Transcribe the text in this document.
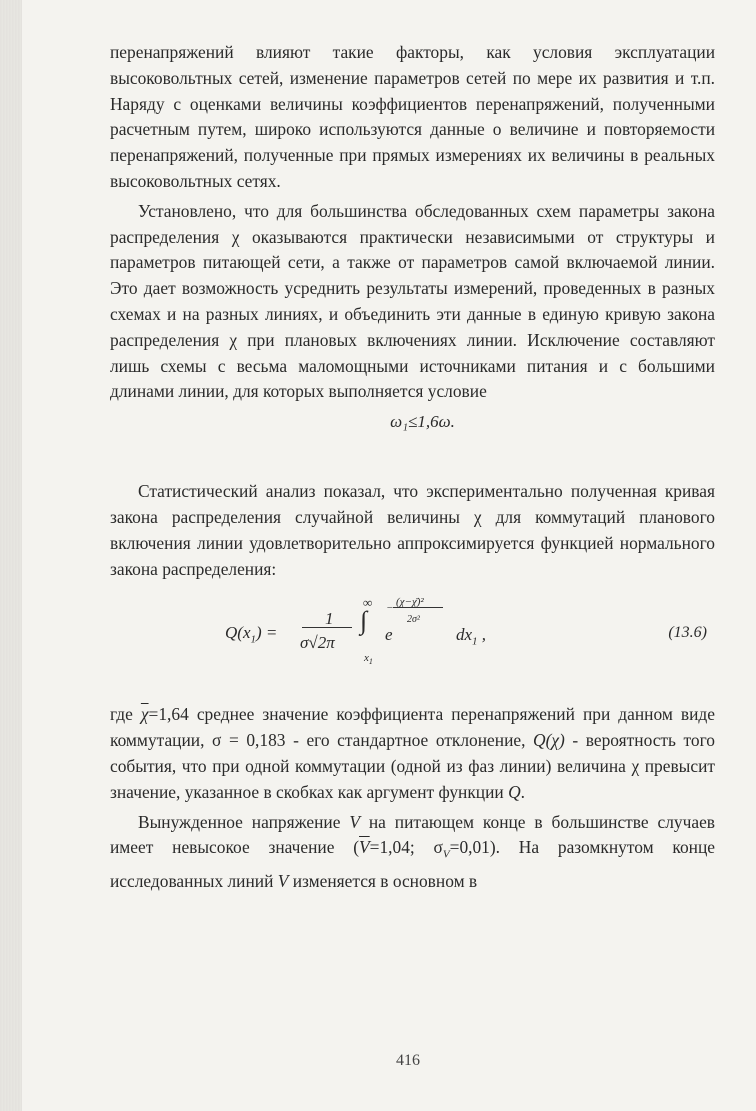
перенапряжений влияют такие факторы, как условия эксплуатации высоковольтных сетей, изменение параметров сетей по мере их развития и т.п. Наряду с оценками величины коэффициентов перенапряжений, полученными расчетным путем, широко используются данные о величине и повторяемости перенапряжений, полученные при прямых измерениях их величины в реальных высоковольтных сетях.

Установлено, что для большинства обследованных схем параметры закона распределения χ оказываются практически независимыми от структуры и параметров питающей сети, а также от параметров самой включаемой линии. Это дает возможность усреднить результаты измерений, проведенных в разных схемах и на разных линиях, и объединить эти данные в единую кривую закона распределения χ при плановых включениях линии. Исключение составляют лишь схемы с весьма маломощными источниками питания и с большими длинами линии, для которых выполняется условие

ω₁≤1,6ω.

Статистический анализ показал, что экспериментально полученная кривая закона распределения случайной величины χ для коммутаций планового включения линии удовлетворительно аппроксимируется функцией нормального закона распределения:

$Q(x_1)$ =
1
σ√2π
∞
∫
$x_1$
e
(χ−χ̄)²
2σ²
−
$dx_1$ ,	(13.6)

где $\overline{\chi}=1,64$ среднее значение коэффициента перенапряжений при данном виде коммутации, σ = 0,183 - его стандартное отклонение, Q(χ) - вероятность того события, что при одной коммутации (одной из фаз линии) величина χ превысит значение, указанное в скобках как аргумент функции Q.

Вынужденное напряжение V на питающем конце в большинстве случаев имеет невысокое значение ($\overline{V}=1,04$; $\sigma_V=0,01$). На разомкнутом конце исследованных линий V изменяется в основном в

416
